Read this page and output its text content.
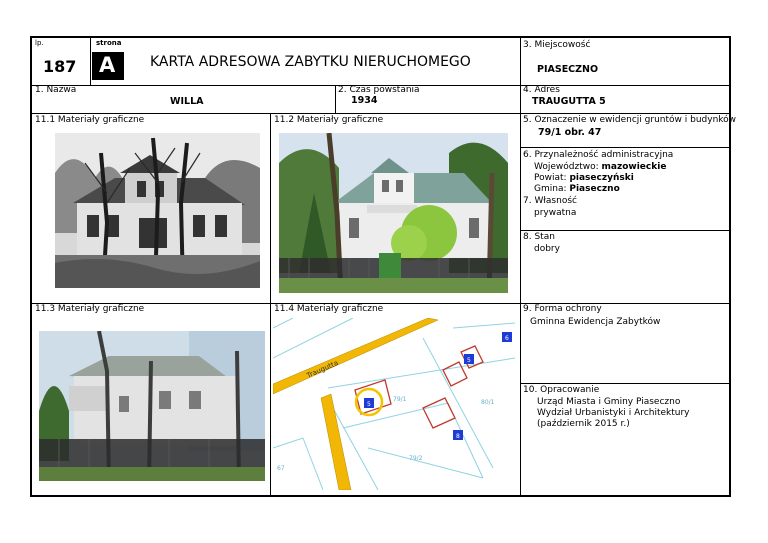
lp.
187
strona
A KARTA ADRESOWA ZABYTKU NIERUCHOMEGO
1. Nazwa
WILLA
2. Czas powstania
1934
3. Miejscowość
PIASECZNO
4. Adres
TRAUGUTTA 5
5. Oznaczenie w ewidencji gruntów i budynków
79/1 obr. 47
6. Przynależność administracyjna
Województwo: mazowieckie
Powiat: piaseczyński
Gmina: Piaseczno
7. Własność
prywatna
8. Stan
dobry
9. Forma ochrony
Gminna Ewidencja Zabytków
10. Opracowanie
Urząd Miasta i Gminy Piaseczno
Wydział Urbanistyki i Architektury
(październik 2015 r.)
11.1 Materiały graficzne	11.2 Materiały graficzne
11.3 Materiały graficzne	11.4 Materiały graficzne
Traugutta
5
6
5
8
79/1	80/1
79/2
67
